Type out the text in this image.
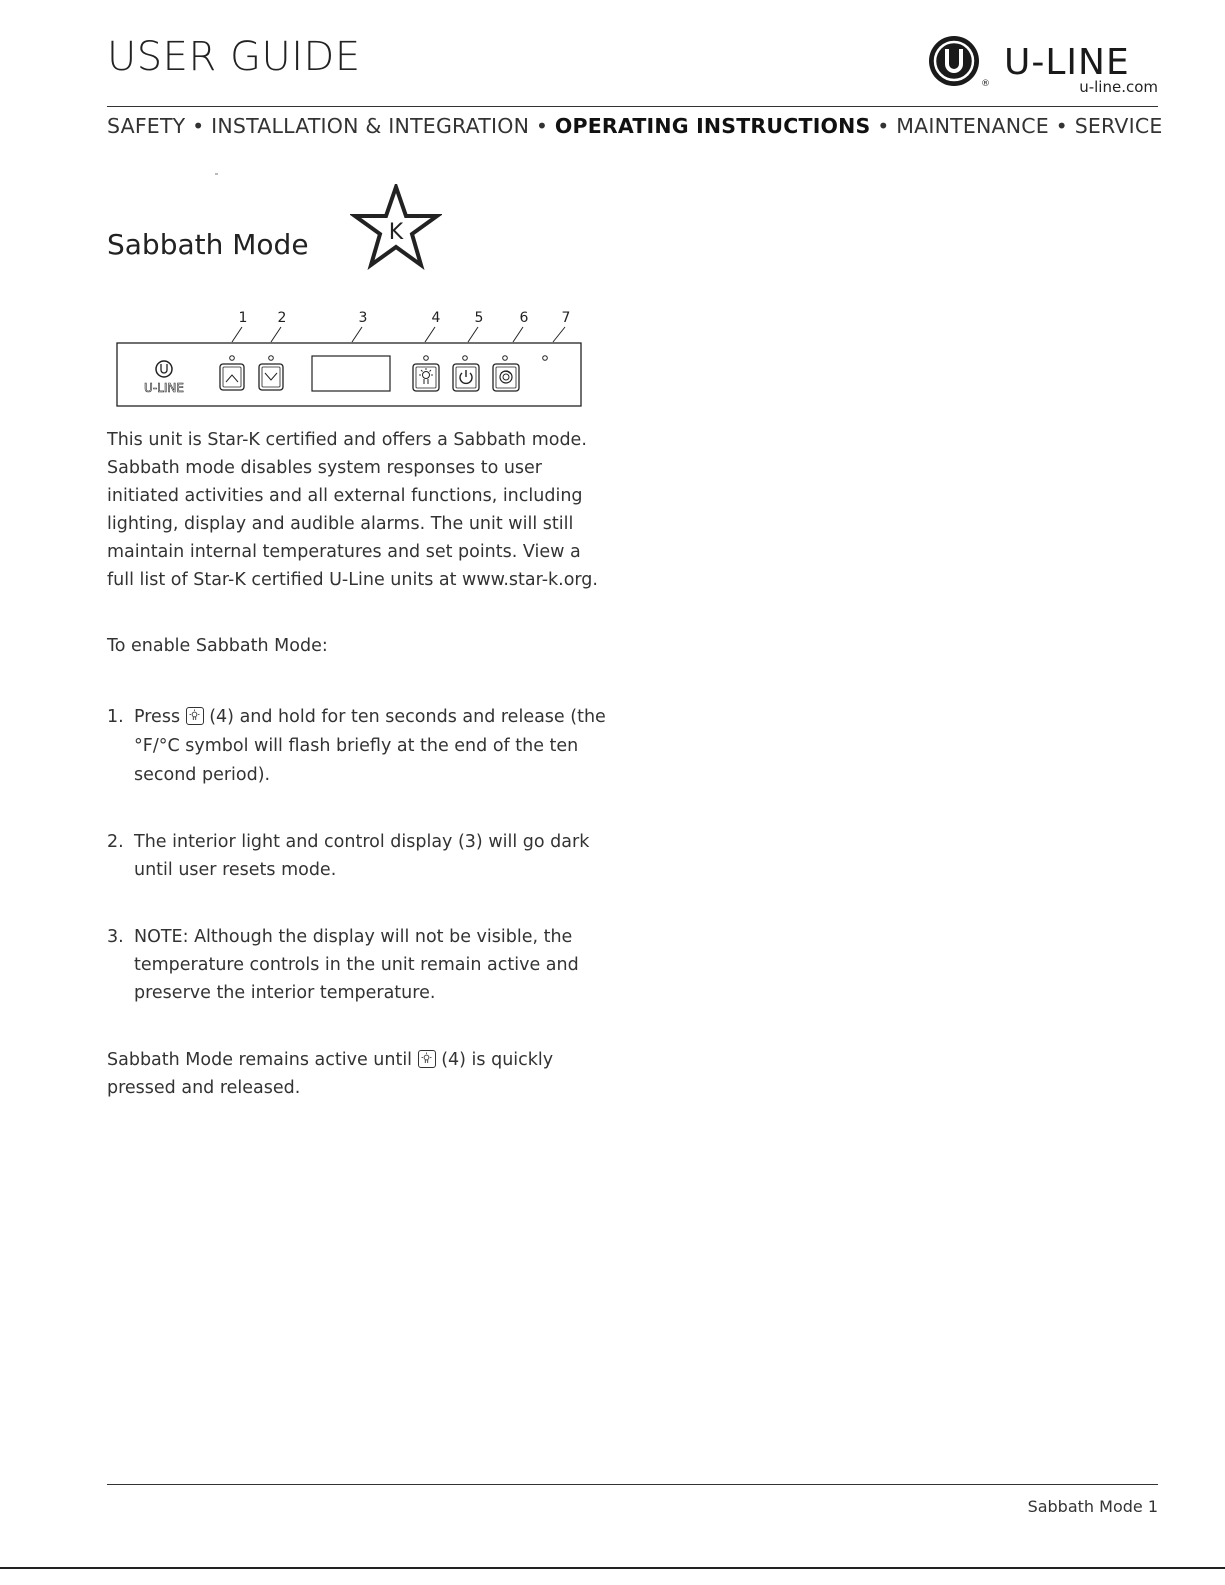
USER GUIDE
®
U-LINE
u-line.com
SAFETY • INSTALLATION & INTEGRATION • OPERATING INSTRUCTIONS • MAINTENANCE • SERVICE
Sabbath Mode	K
1 2	3	4 5	6 7
U-LINE
This unit is Star-K certified and offers a Sabbath mode. Sabbath mode disables system responses to user initiated activities and all external functions, including lighting, display and audible alarms. The unit will still maintain internal temperatures and set points. View a full list of Star-K certified U-Line units at www.star-k.org.
To enable Sabbath Mode:
1. Press (4) and hold for ten seconds and release (the °F/°C symbol will flash briefly at the end of the ten second period).
2. The interior light and control display (3) will go dark until user resets mode.
3. NOTE: Although the display will not be visible, the temperature controls in the unit remain active and preserve the interior temperature.
Sabbath Mode remains active until (4) is quickly pressed and released.
Sabbath Mode 1
